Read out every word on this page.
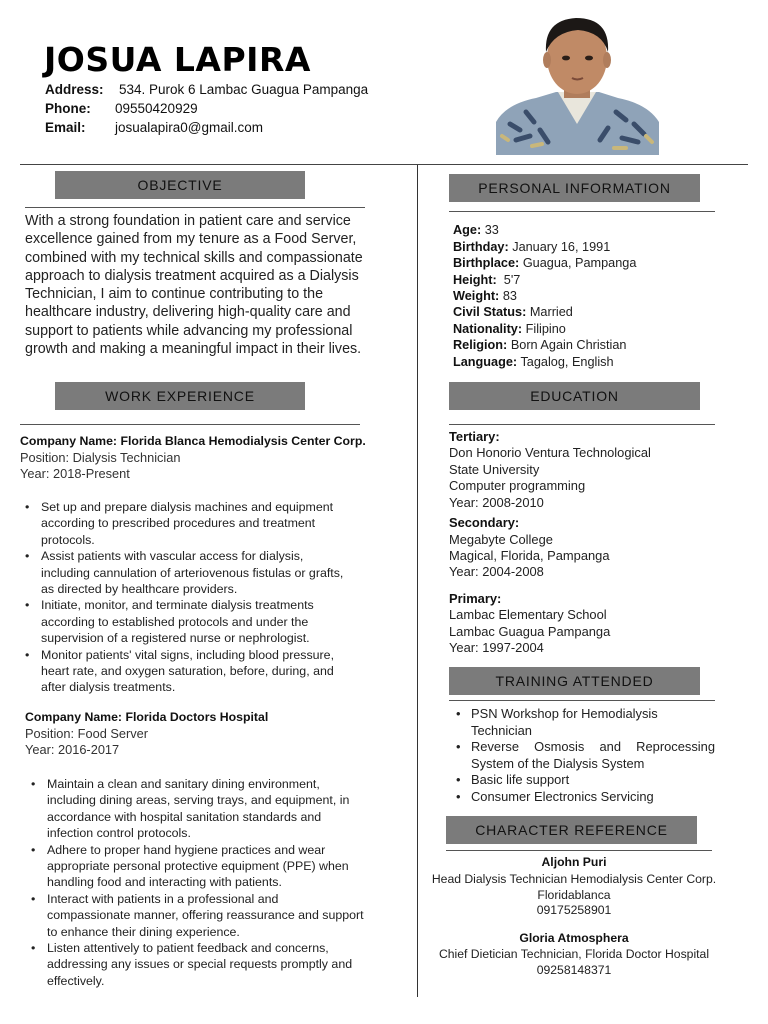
JOSUA LAPIRA
Address: 534. Purok 6 Lambac Guagua Pampanga
Phone: 09550420929
Email: josualapira0@gmail.com
OBJECTIVE
With a strong foundation in patient care and service
excellence gained from my tenure as a Food Server,
combined with my technical skills and compassionate
approach to dialysis treatment acquired as a Dialysis
Technician, I aim to continue contributing to the
healthcare industry, delivering high-quality care and
support to patients while advancing my professional
growth and making a meaningful impact in their lives.
WORK EXPERIENCE
Company Name: Florida Blanca Hemodialysis Center Corp.
Position: Dialysis Technician
Year: 2018-Present
• Set up and prepare dialysis machines and equipment
according to prescribed procedures and treatment
protocols.
• Assist patients with vascular access for dialysis,
including cannulation of arteriovenous fistulas or grafts,
as directed by healthcare providers.
• Initiate, monitor, and terminate dialysis treatments
according to established protocols and under the
supervision of a registered nurse or nephrologist.
• Monitor patients' vital signs, including blood pressure,
heart rate, and oxygen saturation, before, during, and
after dialysis treatments.
Company Name: Florida Doctors Hospital
Position: Food Server
Year: 2016-2017
• Maintain a clean and sanitary dining environment,
including dining areas, serving trays, and equipment, in
accordance with hospital sanitation standards and
infection control protocols.
• Adhere to proper hand hygiene practices and wear
appropriate personal protective equipment (PPE) when
handling food and interacting with patients.
• Interact with patients in a professional and
compassionate manner, offering reassurance and support
to enhance their dining experience.
• Listen attentively to patient feedback and concerns,
addressing any issues or special requests promptly and
effectively.
PERSONAL INFORMATION
Age: 33
Birthday: January 16, 1991
Birthplace: Guagua, Pampanga
Height: 5'7
Weight: 83
Civil Status: Married
Nationality: Filipino
Religion: Born Again Christian
Language: Tagalog, English
EDUCATION
Tertiary:
Don Honorio Ventura Technological
State University
Computer programming
Year: 2008-2010
Secondary:
Megabyte College
Magical, Florida, Pampanga
Year: 2004-2008
Primary:
Lambac Elementary School
Lambac Guagua Pampanga
Year: 1997-2004
TRAINING ATTENDED
• PSN Workshop for Hemodialysis
Technician
• Reverse Osmosis and Reprocessing
System of the Dialysis System
• Basic life support
• Consumer Electronics Servicing
CHARACTER REFERENCE
Aljohn Puri
Head Dialysis Technician Hemodialysis Center Corp.
Floridablanca
09175258901
Gloria Atmosphera
Chief Dietician Technician, Florida Doctor Hospital
09258148371
